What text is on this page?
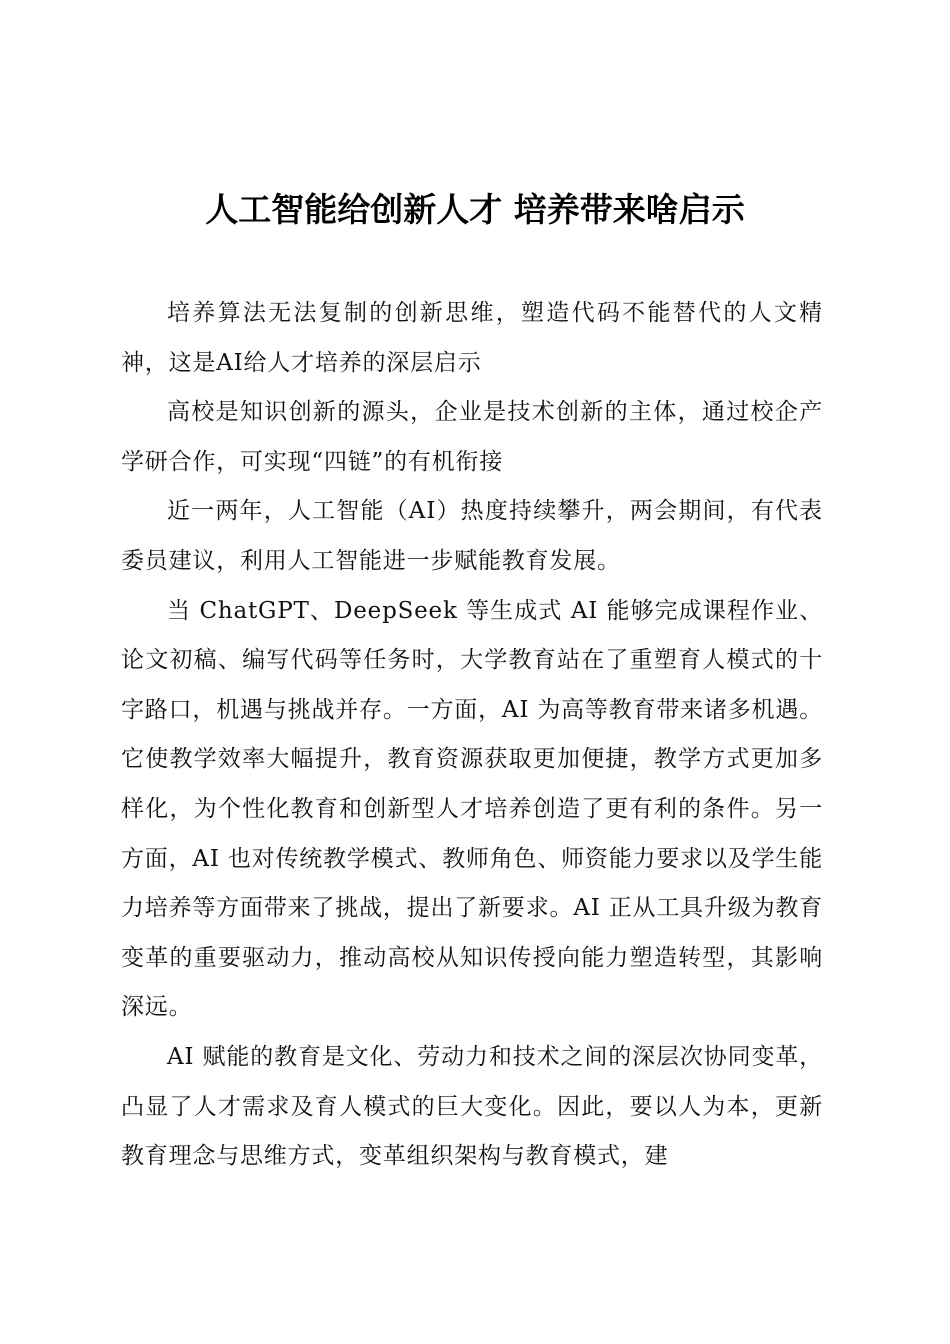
人工智能给创新人才 培养带来啥启示

培养算法无法复制的创新思维，塑造代码不能替代的人文精神，这是AI给人才培养的深层启示

高校是知识创新的源头，企业是技术创新的主体，通过校企产学研合作，可实现“四链”的有机衔接

近一两年，人工智能（AI）热度持续攀升，两会期间，有代表委员建议，利用人工智能进一步赋能教育发展。

当 ChatGPT、DeepSeek 等生成式 AI 能够完成课程作业、论文初稿、编写代码等任务时，大学教育站在了重塑育人模式的十字路口，机遇与挑战并存。一方面，AI 为高等教育带来诸多机遇。它使教学效率大幅提升，教育资源获取更加便捷，教学方式更加多样化，为个性化教育和创新型人才培养创造了更有利的条件。另一方面，AI 也对传统教学模式、教师角色、师资能力要求以及学生能力培养等方面带来了挑战，提出了新要求。AI 正从工具升级为教育变革的重要驱动力，推动高校从知识传授向能力塑造转型，其影响深远。

AI 赋能的教育是文化、劳动力和技术之间的深层次协同变革，凸显了人才需求及育人模式的巨大变化。因此，要以人为本，更新教育理念与思维方式，变革组织架构与教育模式，建
